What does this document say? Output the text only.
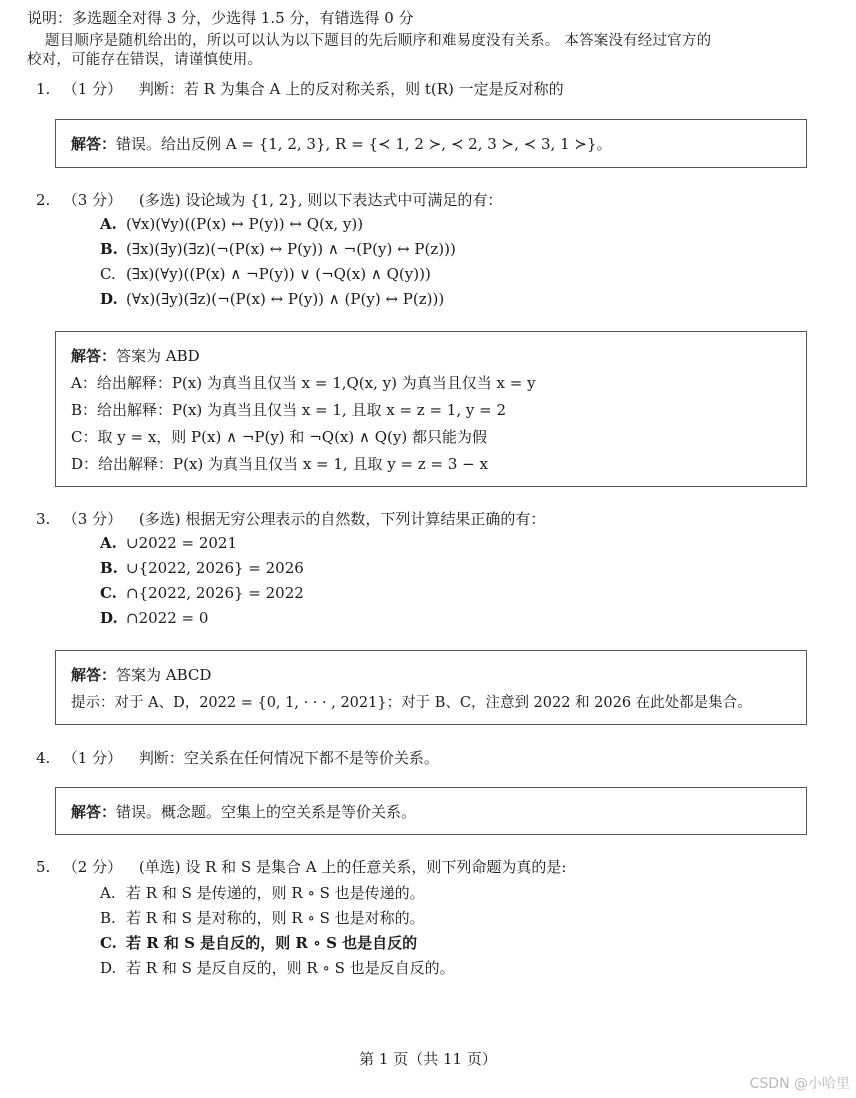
说明：多选题全对得 3 分，少选得 1.5 分，有错选得 0 分
题目顺序是随机给出的，所以可以认为以下题目的先后顺序和难易度没有关系。 本答案没有经过官方的
校对，可能存在错误，请谨慎使用。
1. （1 分） 判断：若 R 为集合 A 上的反对称关系，则 t(R) 一定是反对称的
解答：错误。给出反例 A = {1, 2, 3}, R = {≺ 1, 2 ≻, ≺ 2, 3 ≻, ≺ 3, 1 ≻}。
2. （3 分） (多选) 设论域为 {1, 2}, 则以下表达式中可满足的有：
A. (∀x)(∀y)((P(x) ↔ P(y)) ↔ Q(x, y))
B. (∃x)(∃y)(∃z)(¬(P(x) ↔ P(y)) ∧ ¬(P(y) ↔ P(z)))
C. (∃x)(∀y)((P(x) ∧ ¬P(y)) ∨ (¬Q(x) ∧ Q(y)))
D. (∀x)(∃y)(∃z)(¬(P(x) ↔ P(y)) ∧ (P(y) ↔ P(z)))
解答：答案为 ABD
A：给出解释：P(x) 为真当且仅当 x = 1,Q(x, y) 为真当且仅当 x = y
B：给出解释：P(x) 为真当且仅当 x = 1, 且取 x = z = 1, y = 2
C：取 y = x，则 P(x) ∧ ¬P(y) 和 ¬Q(x) ∧ Q(y) 都只能为假
D：给出解释：P(x) 为真当且仅当 x = 1, 且取 y = z = 3 − x
3. （3 分） (多选) 根据无穷公理表示的自然数，下列计算结果正确的有：
A. ∪2022 = 2021
B. ∪{2022, 2026} = 2026
C. ∩{2022, 2026} = 2022
D. ∩2022 = 0
解答：答案为 ABCD
提示：对于 A、D，2022 = {0, 1, · · · , 2021}；对于 B、C，注意到 2022 和 2026 在此处都是集合。
4. （1 分） 判断：空关系在任何情况下都不是等价关系。
解答：错误。概念题。空集上的空关系是等价关系。
5. （2 分） (单选) 设 R 和 S 是集合 A 上的任意关系，则下列命题为真的是:
A. 若 R 和 S 是传递的，则 R ∘ S 也是传递的。
B. 若 R 和 S 是对称的，则 R ∘ S 也是对称的。
C. 若 R 和 S 是自反的，则 R ∘ S 也是自反的
D. 若 R 和 S 是反自反的，则 R ∘ S 也是反自反的。
第 1 页（共 11 页）
CSDN @小哈里
